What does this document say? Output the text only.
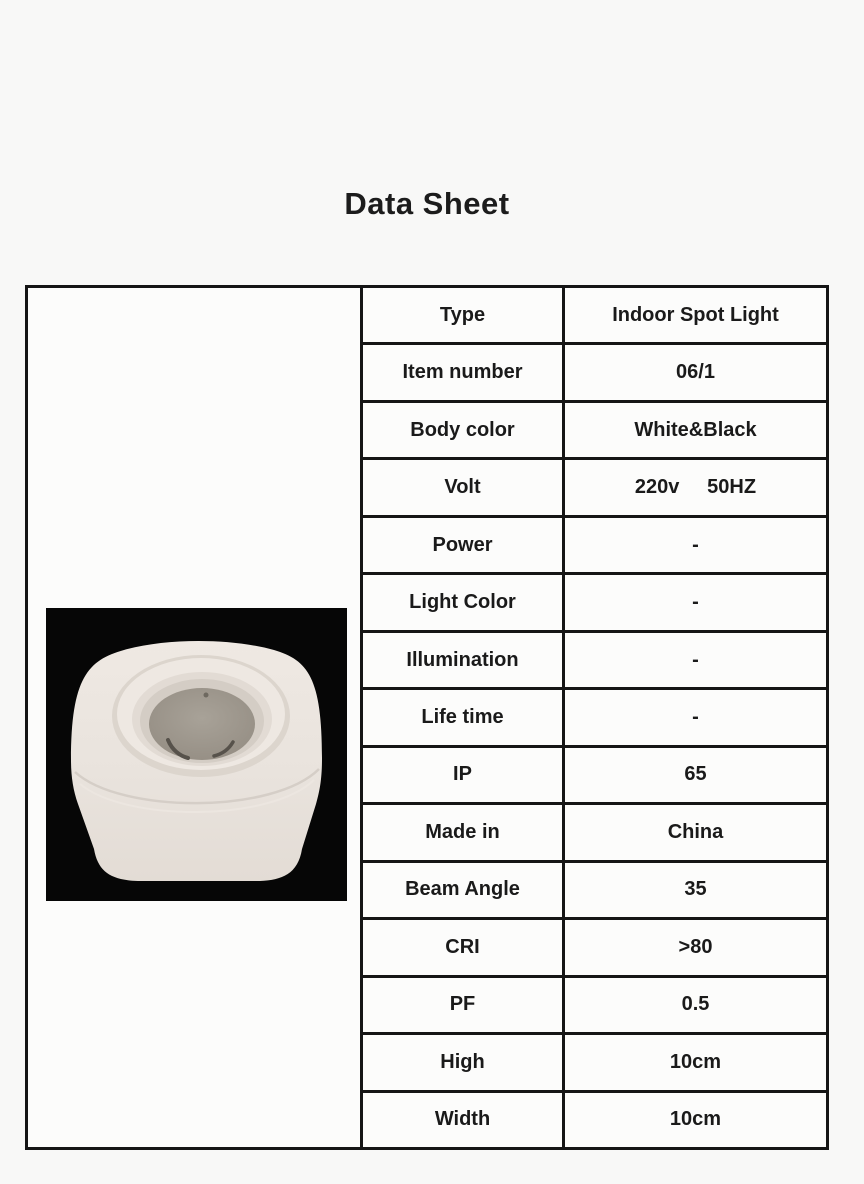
Data Sheet
Type	Indoor Spot Light
Item number	06/1
Body color	White&Black
Volt	220v     50HZ
Power	-
Light Color	-
Illumination	-
Life time	-
IP	65
Made in	China
Beam Angle	35
CRI	>80
PF	0.5
High	10cm
Width	10cm
